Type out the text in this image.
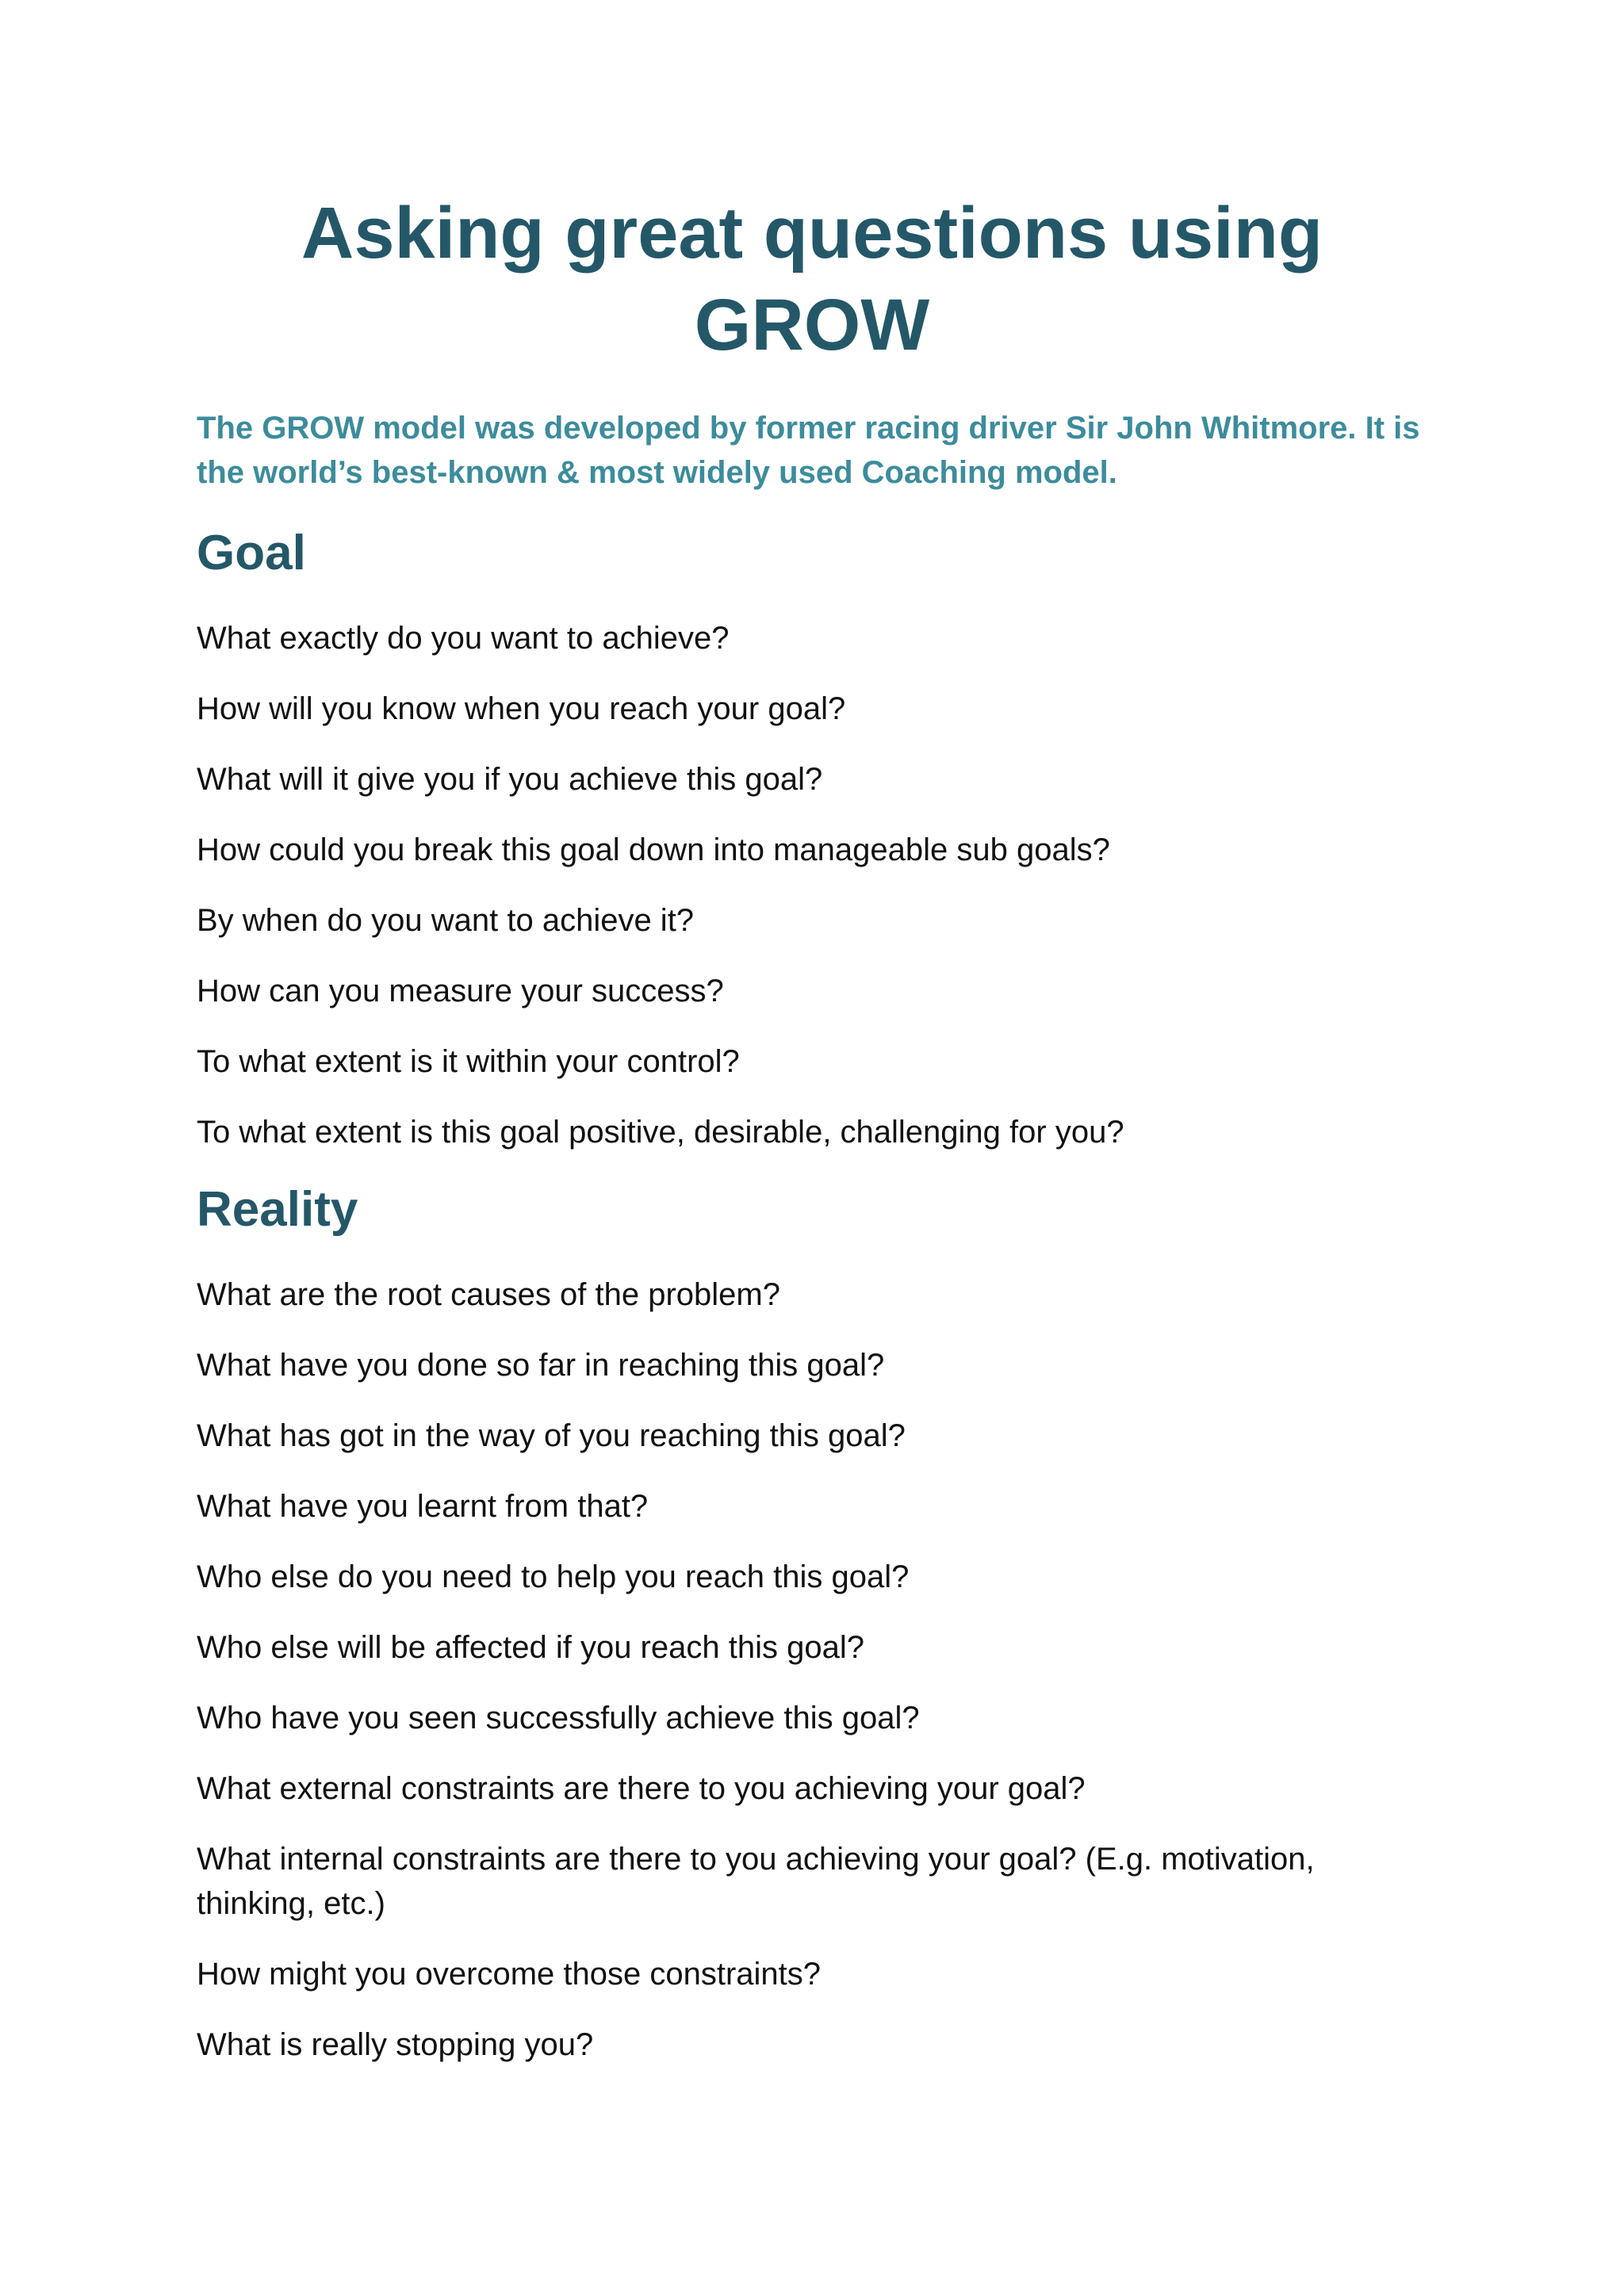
Asking great questions using
GROW

The GROW model was developed by former racing driver Sir John Whitmore. It is the world’s best-known & most widely used Coaching model.

Goal

What exactly do you want to achieve?

How will you know when you reach your goal?

What will it give you if you achieve this goal?

How could you break this goal down into manageable sub goals?

By when do you want to achieve it?

How can you measure your success?

To what extent is it within your control?

To what extent is this goal positive, desirable, challenging for you?

Reality

What are the root causes of the problem?

What have you done so far in reaching this goal?

What has got in the way of you reaching this goal?

What have you learnt from that?

Who else do you need to help you reach this goal?

Who else will be affected if you reach this goal?

Who have you seen successfully achieve this goal?

What external constraints are there to you achieving your goal?

What internal constraints are there to you achieving your goal? (E.g. motivation, thinking, etc.)

How might you overcome those constraints?

What is really stopping you?
